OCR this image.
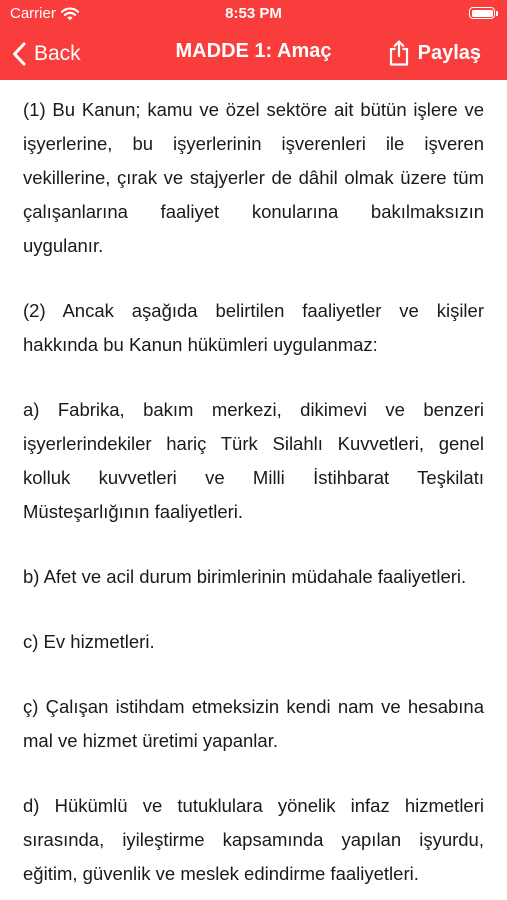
Carrier	8:53 PM
Back	MADDE 1: Amaç	Paylaş

(1) Bu Kanun; kamu ve özel sektöre ait bütün işlere ve işyerlerine, bu işyerlerinin işverenleri ile işveren vekillerine, çırak ve stajyerler de dâhil olmak üzere tüm çalışanlarına faaliyet konularına bakılmaksızın uygulanır.

(2) Ancak aşağıda belirtilen faaliyetler ve kişiler hakkında bu Kanun hükümleri uygulanmaz:

a) Fabrika, bakım merkezi, dikimevi ve benzeri işyerlerindekiler hariç Türk Silahlı Kuvvetleri, genel kolluk kuvvetleri ve Milli İstihbarat Teşkilatı Müsteşarlığının faaliyetleri.

b) Afet ve acil durum birimlerinin müdahale faaliyetleri.

c) Ev hizmetleri.

ç) Çalışan istihdam etmeksizin kendi nam ve hesabına mal ve hizmet üretimi yapanlar.

d) Hükümlü ve tutuklulara yönelik infaz hizmetleri sırasında, iyileştirme kapsamında yapılan işyurdu, eğitim, güvenlik ve meslek edindirme faaliyetleri.
